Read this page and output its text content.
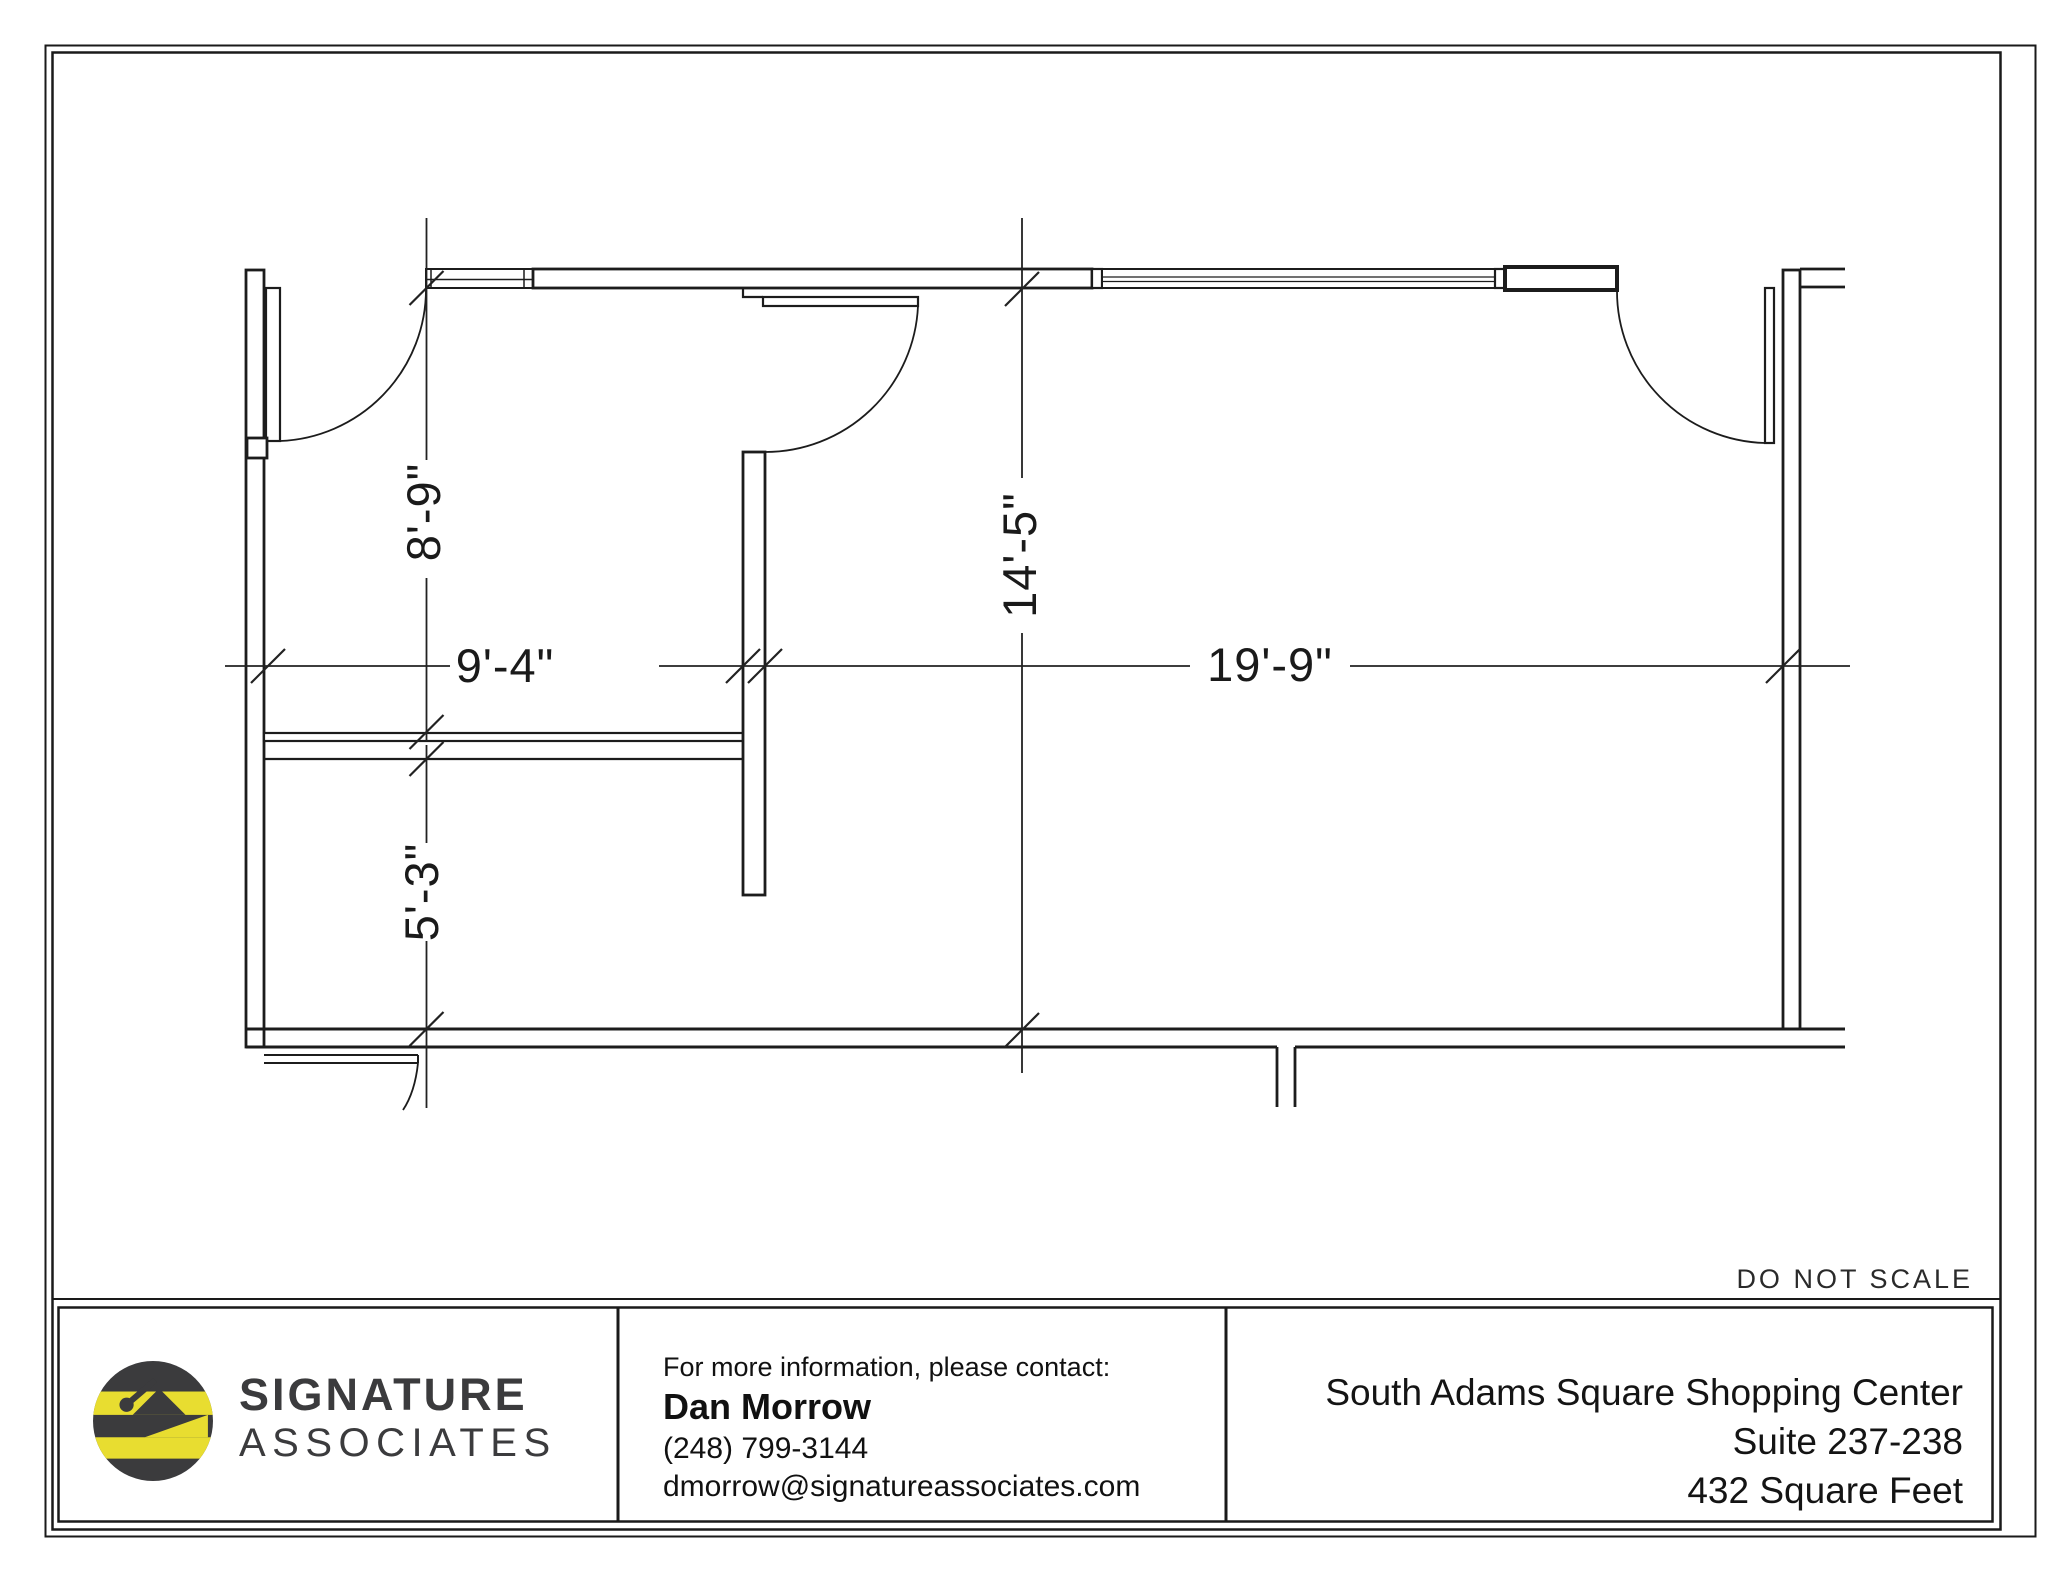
8'-9"
9'-4"
14'-5"
19'-9"
5'-3"
DO NOT SCALE
SIGNATURE
ASSOCIATES
For more information, please contact:
Dan Morrow
(248) 799-3144
dmorrow@signatureassociates.com
South Adams Square Shopping Center
Suite 237-238
432 Square Feet
